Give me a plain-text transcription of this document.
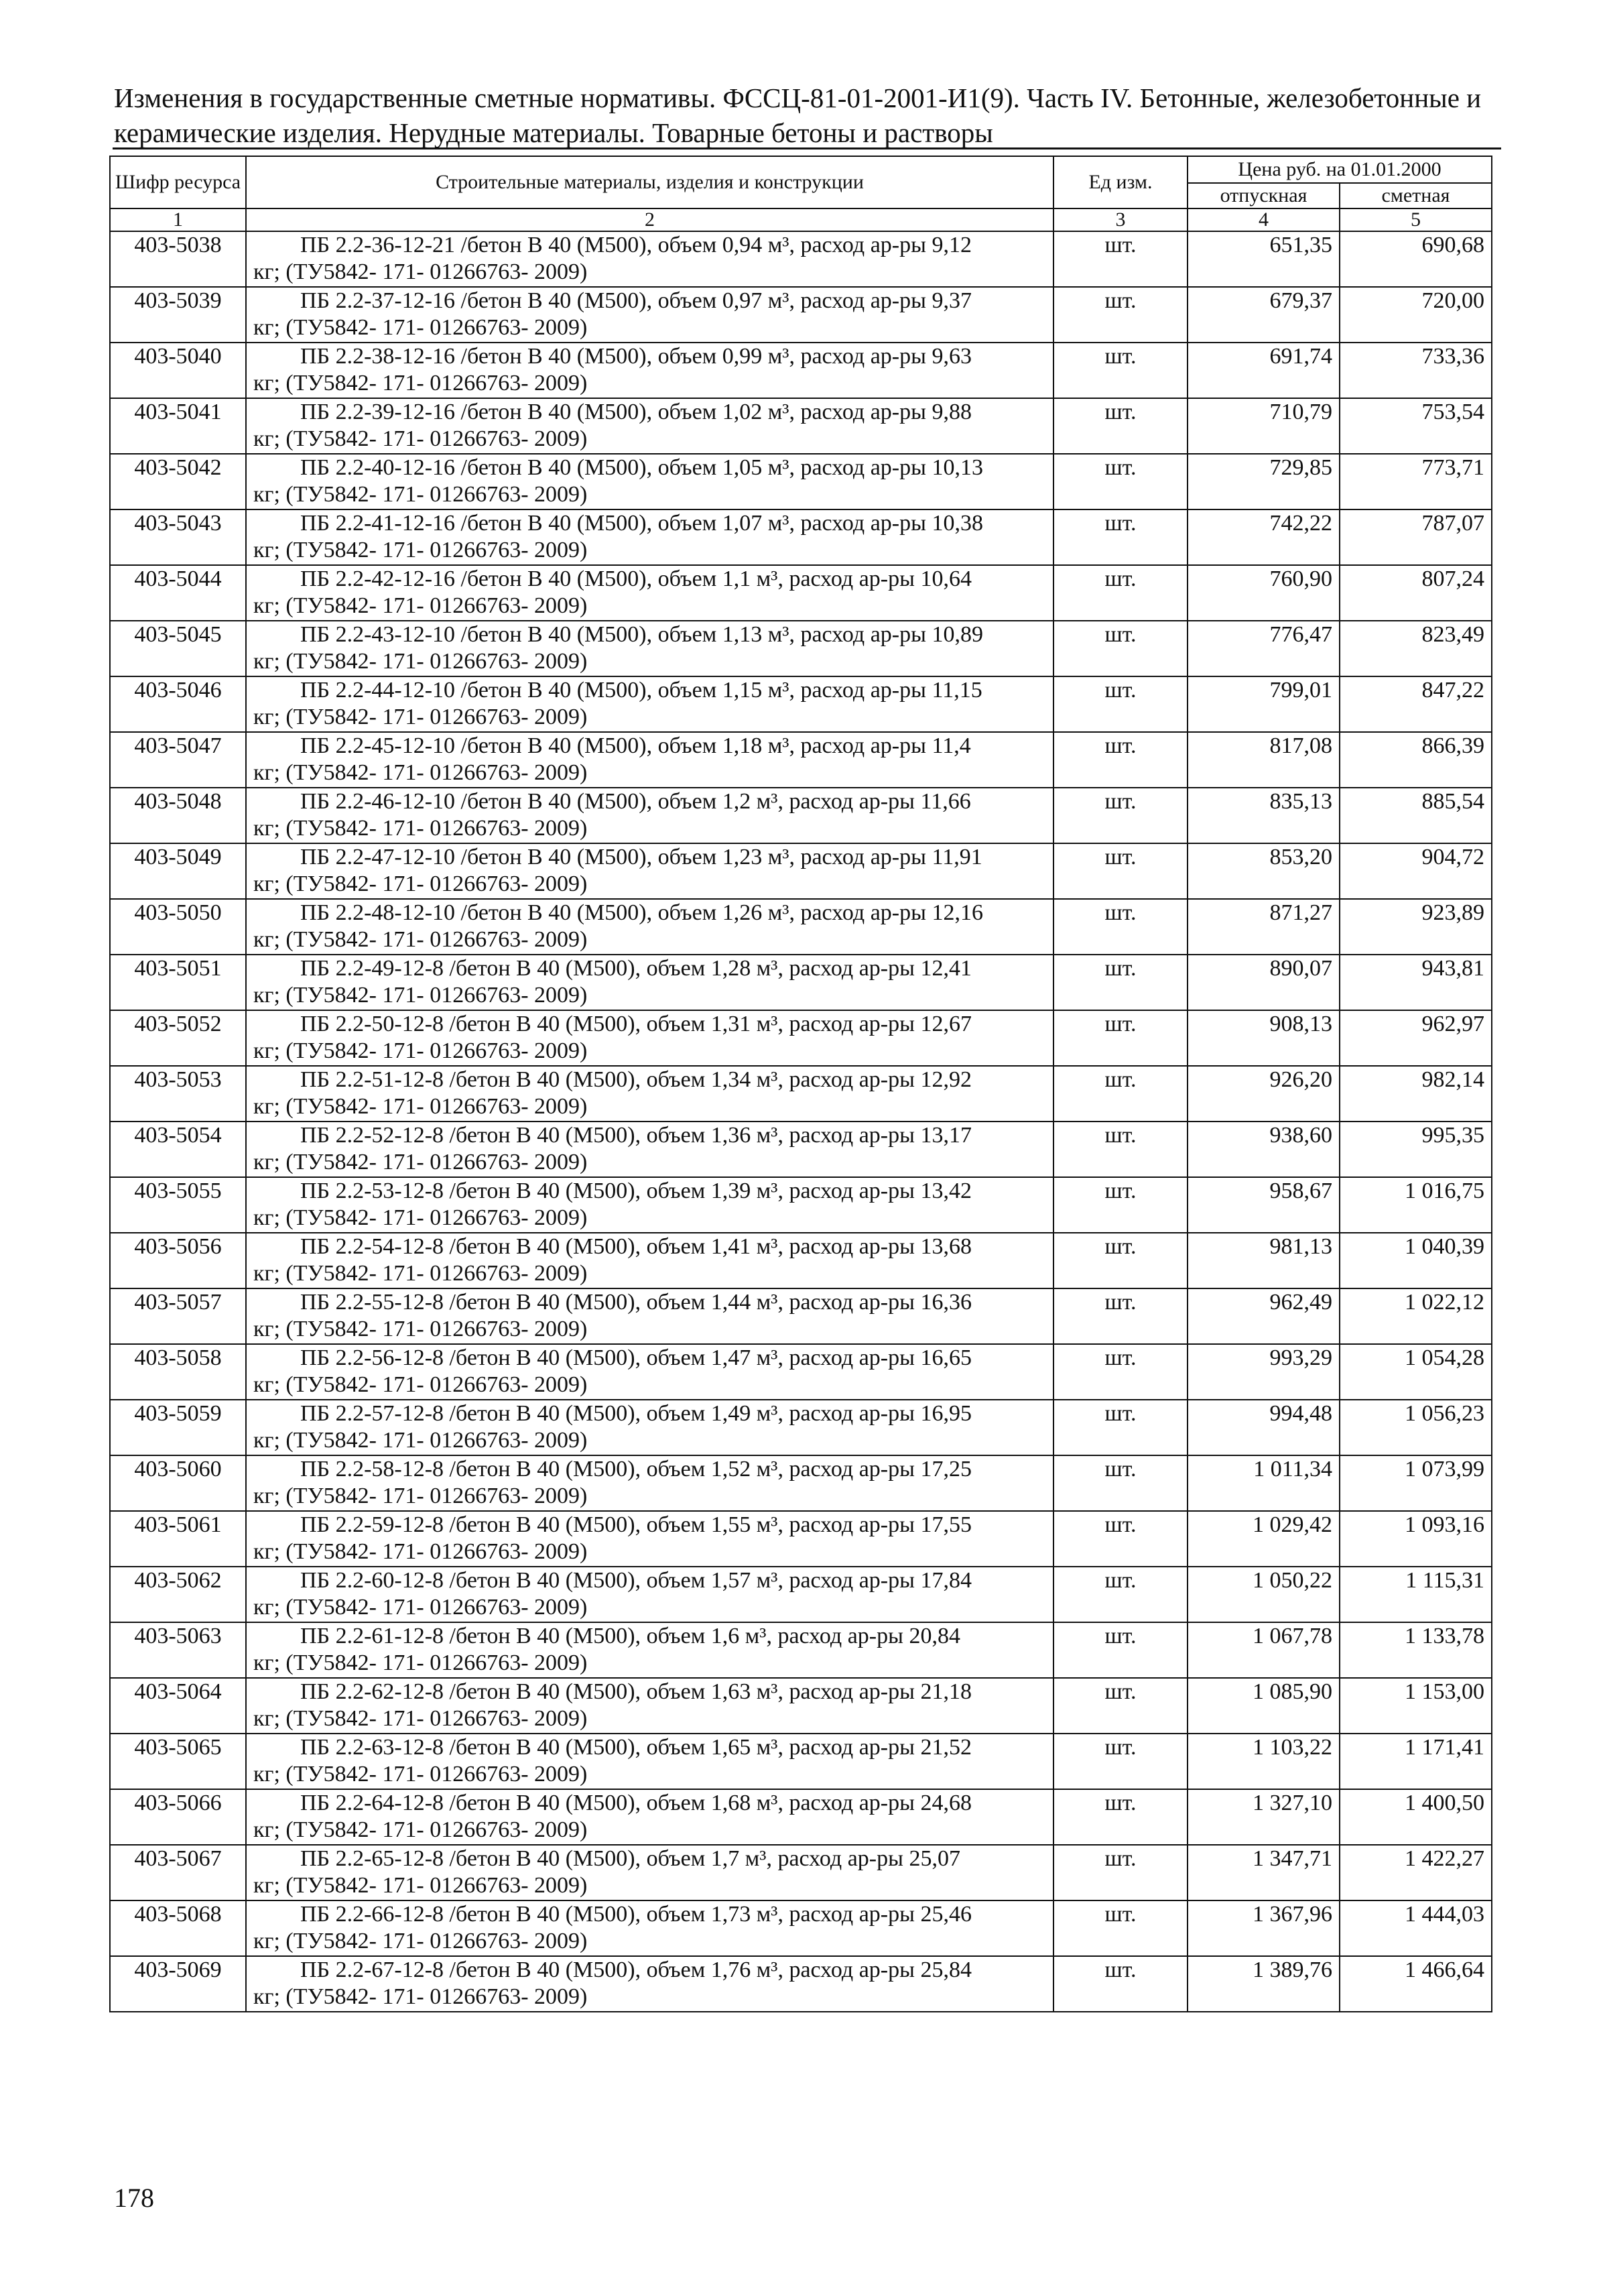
Изменения в государственные сметные нормативы. ФССЦ-81-01-2001-И1(9). Часть IV. Бетонные, железобетонные и
керамические изделия. Нерудные материалы. Товарные бетоны и растворы
Шифр ресурса	Строительные материалы, изделия и конструкции	Ед изм.	Цена руб. на 01.01.2000	
			отпускная	сметная
1	2	3	4	5
403-5038	ПБ 2.2-36-12-21 /бетон В 40 (М500), объем 0,94 м³, расход ар-ры 9,12
кг; (ТУ5842- 171- 01266763- 2009)	шт.	651,35	690,68
403-5039	ПБ 2.2-37-12-16 /бетон В 40 (М500), объем 0,97 м³, расход ар-ры 9,37
кг; (ТУ5842- 171- 01266763- 2009)	шт.	679,37	720,00
403-5040	ПБ 2.2-38-12-16 /бетон В 40 (М500), объем 0,99 м³, расход ар-ры 9,63
кг; (ТУ5842- 171- 01266763- 2009)	шт.	691,74	733,36
403-5041	ПБ 2.2-39-12-16 /бетон В 40 (М500), объем 1,02 м³, расход ар-ры 9,88
кг; (ТУ5842- 171- 01266763- 2009)	шт.	710,79	753,54
403-5042	ПБ 2.2-40-12-16 /бетон В 40 (М500), объем 1,05 м³, расход ар-ры 10,13
кг; (ТУ5842- 171- 01266763- 2009)	шт.	729,85	773,71
403-5043	ПБ 2.2-41-12-16 /бетон В 40 (М500), объем 1,07 м³, расход ар-ры 10,38
кг; (ТУ5842- 171- 01266763- 2009)	шт.	742,22	787,07
403-5044	ПБ 2.2-42-12-16 /бетон В 40 (М500), объем 1,1 м³, расход ар-ры 10,64
кг; (ТУ5842- 171- 01266763- 2009)	шт.	760,90	807,24
403-5045	ПБ 2.2-43-12-10 /бетон В 40 (М500), объем 1,13 м³, расход ар-ры 10,89
кг; (ТУ5842- 171- 01266763- 2009)	шт.	776,47	823,49
403-5046	ПБ 2.2-44-12-10 /бетон В 40 (М500), объем 1,15 м³, расход ар-ры 11,15
кг; (ТУ5842- 171- 01266763- 2009)	шт.	799,01	847,22
403-5047	ПБ 2.2-45-12-10 /бетон В 40 (М500), объем 1,18 м³, расход ар-ры 11,4
кг; (ТУ5842- 171- 01266763- 2009)	шт.	817,08	866,39
403-5048	ПБ 2.2-46-12-10 /бетон В 40 (М500), объем 1,2 м³, расход ар-ры 11,66
кг; (ТУ5842- 171- 01266763- 2009)	шт.	835,13	885,54
403-5049	ПБ 2.2-47-12-10 /бетон В 40 (М500), объем 1,23 м³, расход ар-ры 11,91
кг; (ТУ5842- 171- 01266763- 2009)	шт.	853,20	904,72
403-5050	ПБ 2.2-48-12-10 /бетон В 40 (М500), объем 1,26 м³, расход ар-ры 12,16
кг; (ТУ5842- 171- 01266763- 2009)	шт.	871,27	923,89
403-5051	ПБ 2.2-49-12-8 /бетон В 40 (М500), объем 1,28 м³, расход ар-ры 12,41
кг; (ТУ5842- 171- 01266763- 2009)	шт.	890,07	943,81
403-5052	ПБ 2.2-50-12-8 /бетон В 40 (М500), объем 1,31 м³, расход ар-ры 12,67
кг; (ТУ5842- 171- 01266763- 2009)	шт.	908,13	962,97
403-5053	ПБ 2.2-51-12-8 /бетон В 40 (М500), объем 1,34 м³, расход ар-ры 12,92
кг; (ТУ5842- 171- 01266763- 2009)	шт.	926,20	982,14
403-5054	ПБ 2.2-52-12-8 /бетон В 40 (М500), объем 1,36 м³, расход ар-ры 13,17
кг; (ТУ5842- 171- 01266763- 2009)	шт.	938,60	995,35
403-5055	ПБ 2.2-53-12-8 /бетон В 40 (М500), объем 1,39 м³, расход ар-ры 13,42
кг; (ТУ5842- 171- 01266763- 2009)	шт.	958,67	1 016,75
403-5056	ПБ 2.2-54-12-8 /бетон В 40 (М500), объем 1,41 м³, расход ар-ры 13,68
кг; (ТУ5842- 171- 01266763- 2009)	шт.	981,13	1 040,39
403-5057	ПБ 2.2-55-12-8 /бетон В 40 (М500), объем 1,44 м³, расход ар-ры 16,36
кг; (ТУ5842- 171- 01266763- 2009)	шт.	962,49	1 022,12
403-5058	ПБ 2.2-56-12-8 /бетон В 40 (М500), объем 1,47 м³, расход ар-ры 16,65
кг; (ТУ5842- 171- 01266763- 2009)	шт.	993,29	1 054,28
403-5059	ПБ 2.2-57-12-8 /бетон В 40 (М500), объем 1,49 м³, расход ар-ры 16,95
кг; (ТУ5842- 171- 01266763- 2009)	шт.	994,48	1 056,23
403-5060	ПБ 2.2-58-12-8 /бетон В 40 (М500), объем 1,52 м³, расход ар-ры 17,25
кг; (ТУ5842- 171- 01266763- 2009)	шт.	1 011,34	1 073,99
403-5061	ПБ 2.2-59-12-8 /бетон В 40 (М500), объем 1,55 м³, расход ар-ры 17,55
кг; (ТУ5842- 171- 01266763- 2009)	шт.	1 029,42	1 093,16
403-5062	ПБ 2.2-60-12-8 /бетон В 40 (М500), объем 1,57 м³, расход ар-ры 17,84
кг; (ТУ5842- 171- 01266763- 2009)	шт.	1 050,22	1 115,31
403-5063	ПБ 2.2-61-12-8 /бетон В 40 (М500), объем 1,6 м³, расход ар-ры 20,84
кг; (ТУ5842- 171- 01266763- 2009)	шт.	1 067,78	1 133,78
403-5064	ПБ 2.2-62-12-8 /бетон В 40 (М500), объем 1,63 м³, расход ар-ры 21,18
кг; (ТУ5842- 171- 01266763- 2009)	шт.	1 085,90	1 153,00
403-5065	ПБ 2.2-63-12-8 /бетон В 40 (М500), объем 1,65 м³, расход ар-ры 21,52
кг; (ТУ5842- 171- 01266763- 2009)	шт.	1 103,22	1 171,41
403-5066	ПБ 2.2-64-12-8 /бетон В 40 (М500), объем 1,68 м³, расход ар-ры 24,68
кг; (ТУ5842- 171- 01266763- 2009)	шт.	1 327,10	1 400,50
403-5067	ПБ 2.2-65-12-8 /бетон В 40 (М500), объем 1,7 м³, расход ар-ры 25,07
кг; (ТУ5842- 171- 01266763- 2009)	шт.	1 347,71	1 422,27
403-5068	ПБ 2.2-66-12-8 /бетон В 40 (М500), объем 1,73 м³, расход ар-ры 25,46
кг; (ТУ5842- 171- 01266763- 2009)	шт.	1 367,96	1 444,03
403-5069	ПБ 2.2-67-12-8 /бетон В 40 (М500), объем 1,76 м³, расход ар-ры 25,84
кг; (ТУ5842- 171- 01266763- 2009)	шт.	1 389,76	1 466,64
178
